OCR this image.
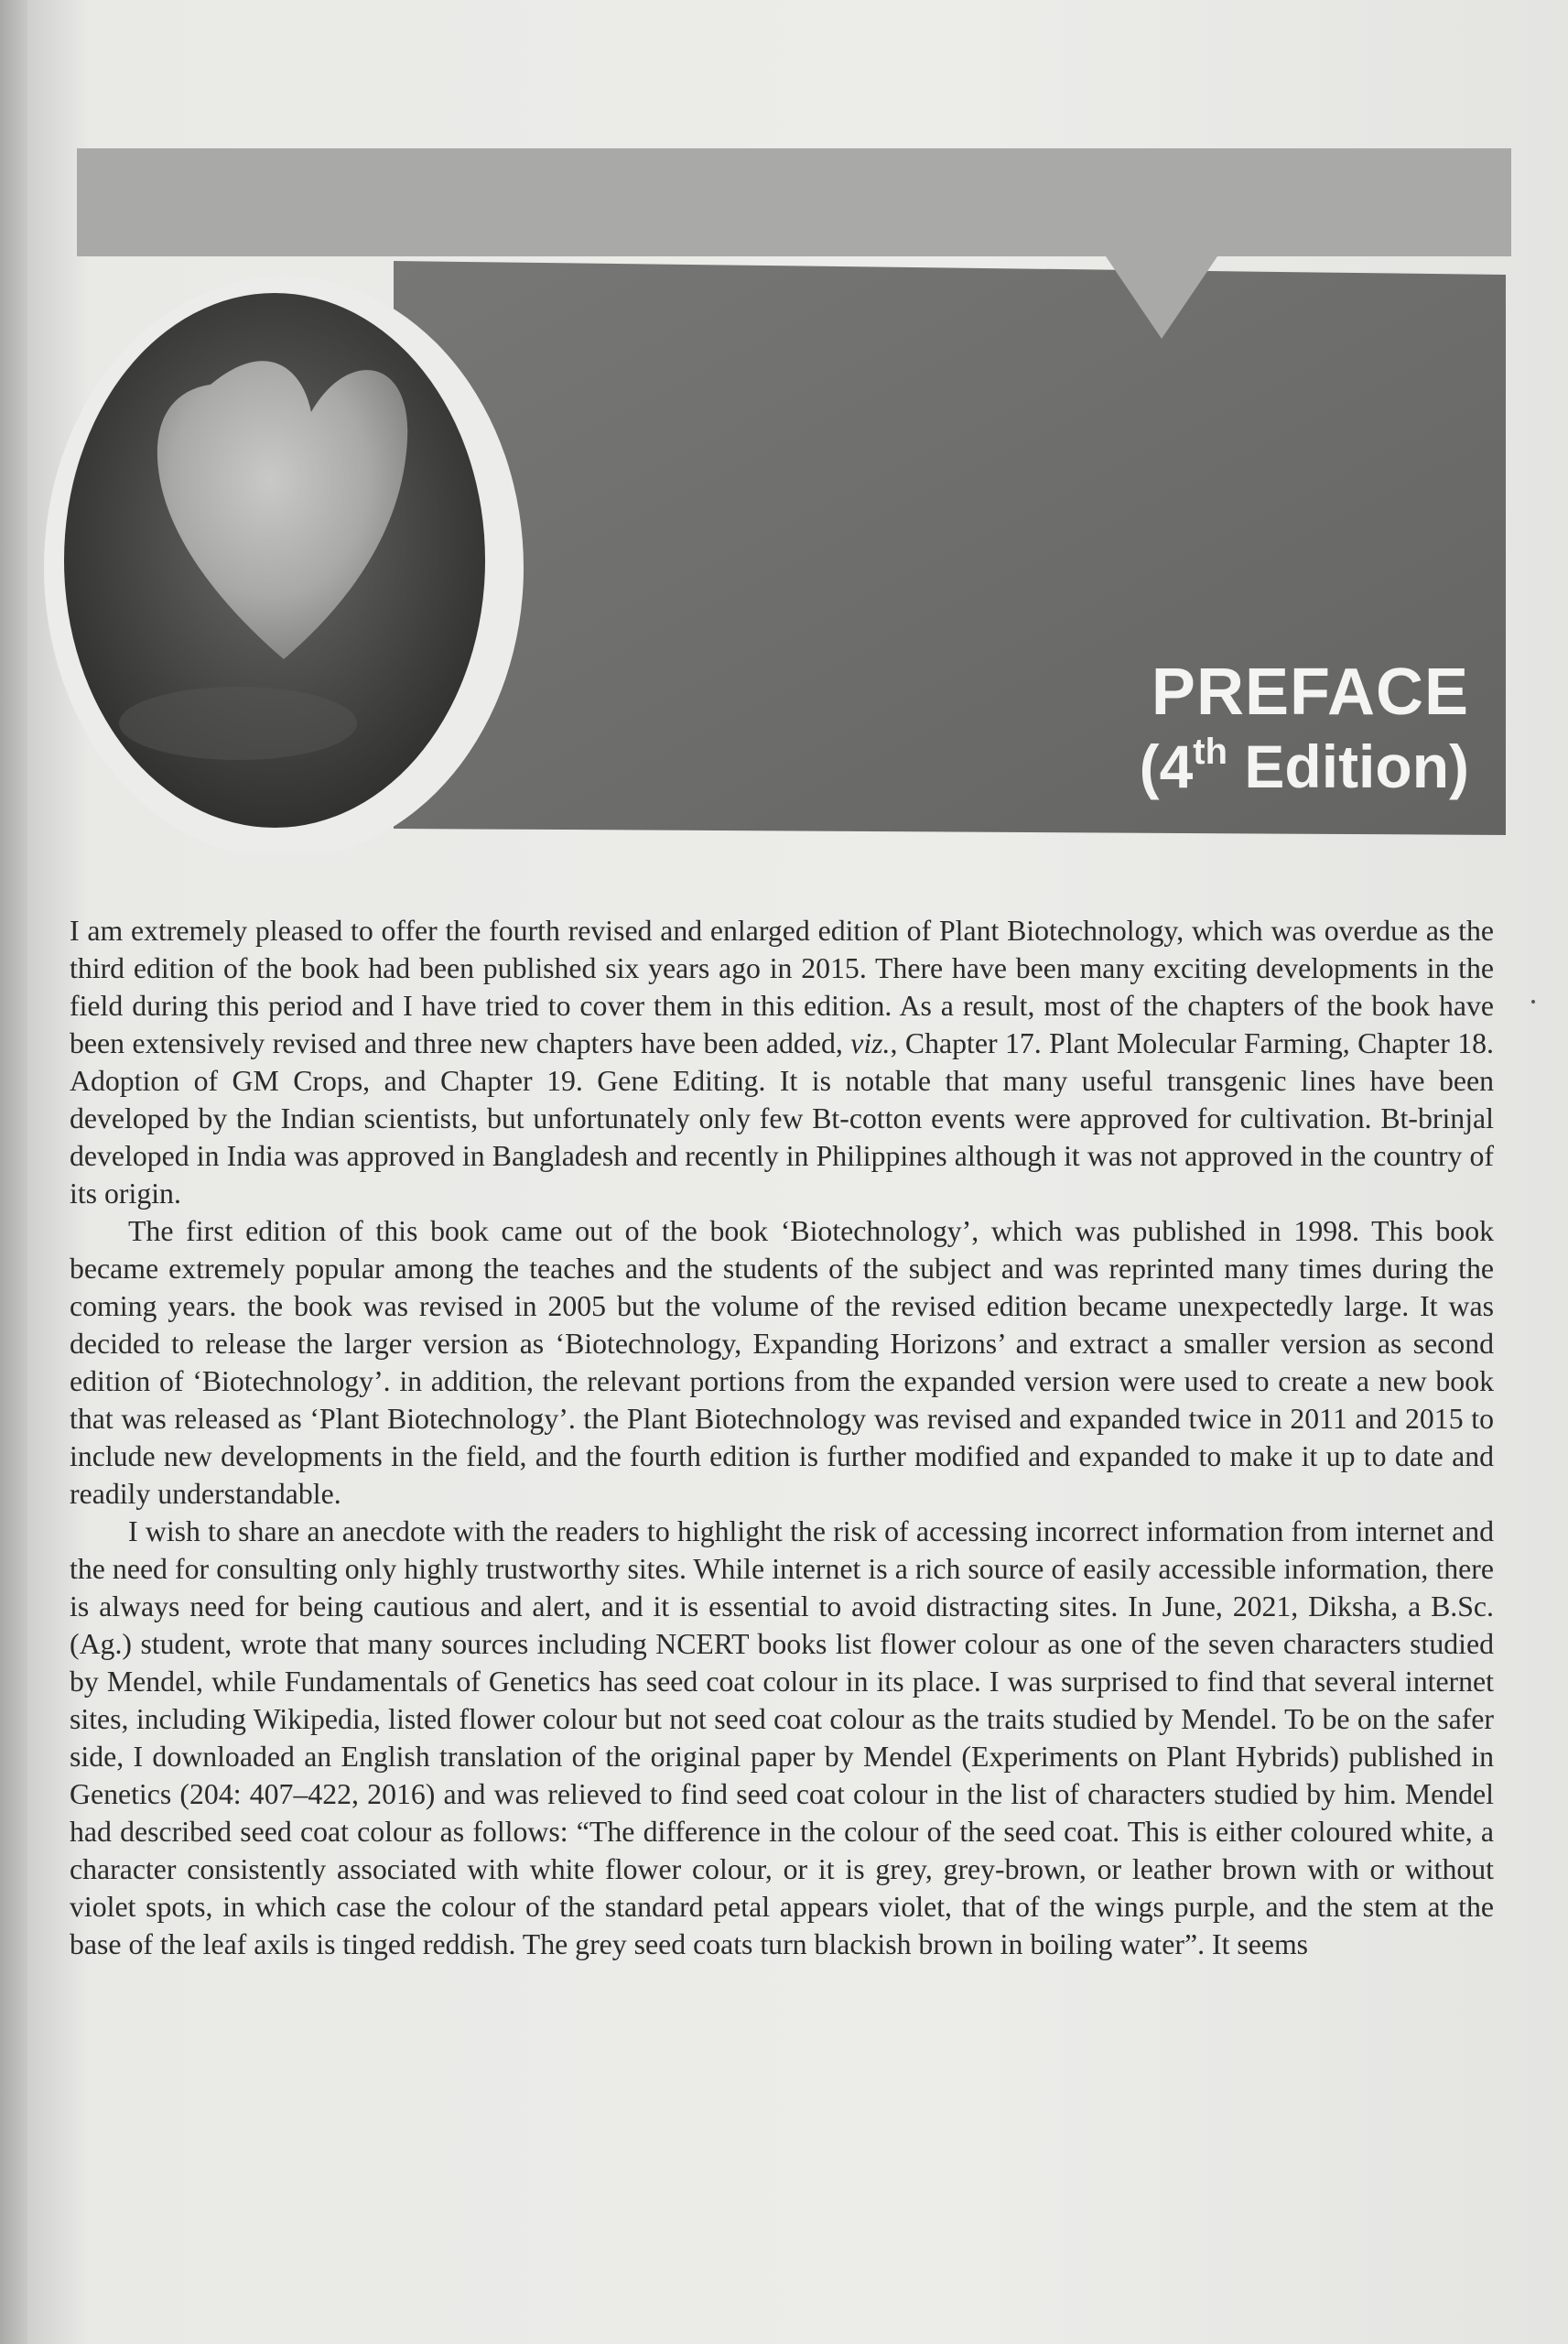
PREFACE
(4th Edition)

I am extremely pleased to offer the fourth revised and enlarged edition of Plant Biotechnology, which was overdue as the third edition of the book had been published six years ago in 2015. There have been many exciting developments in the field during this period and I have tried to cover them in this edition. As a result, most of the chapters of the book have been extensively revised and three new chapters have been added, viz., Chapter 17. Plant Molecular Farming, Chapter 18. Adoption of GM Crops, and Chapter 19. Gene Editing. It is notable that many useful transgenic lines have been developed by the Indian scientists, but unfortunately only few Bt-cotton events were approved for cultivation. Bt-brinjal developed in India was approved in Bangladesh and recently in Philippines although it was not approved in the country of its origin.

The first edition of this book came out of the book ‘Biotechnology’, which was published in 1998. This book became extremely popular among the teaches and the students of the subject and was reprinted many times during the coming years. the book was revised in 2005 but the volume of the revised edition became unexpectedly large. It was decided to release the larger version as ‘Biotechnology, Expanding Horizons’ and extract a smaller version as second edition of ‘Biotechnology’. in addition, the relevant portions from the expanded version were used to create a new book that was released as ‘Plant Biotechnology’. the Plant Biotechnology was revised and expanded twice in 2011 and 2015 to include new developments in the field, and the fourth edition is further modified and expanded to make it up to date and readily understandable.

I wish to share an anecdote with the readers to highlight the risk of accessing incorrect information from internet and the need for consulting only highly trustworthy sites. While internet is a rich source of easily accessible information, there is always need for being cautious and alert, and it is essential to avoid distracting sites. In June, 2021, Diksha, a B.Sc. (Ag.) student, wrote that many sources including NCERT books list flower colour as one of the seven characters studied by Mendel, while Fundamentals of Genetics has seed coat colour in its place. I was surprised to find that several internet sites, including Wikipedia, listed flower colour but not seed coat colour as the traits studied by Mendel. To be on the safer side, I downloaded an English translation of the original paper by Mendel (Experiments on Plant Hybrids) published in Genetics (204: 407–422, 2016) and was relieved to find seed coat colour in the list of characters studied by him. Mendel had described seed coat colour as follows: “The difference in the colour of the seed coat. This is either coloured white, a character consistently associated with white flower colour, or it is grey, grey-brown, or leather brown with or without violet spots, in which case the colour of the standard petal appears violet, that of the wings purple, and the stem at the base of the leaf axils is tinged reddish. The grey seed coats turn blackish brown in boiling water”. It seems
